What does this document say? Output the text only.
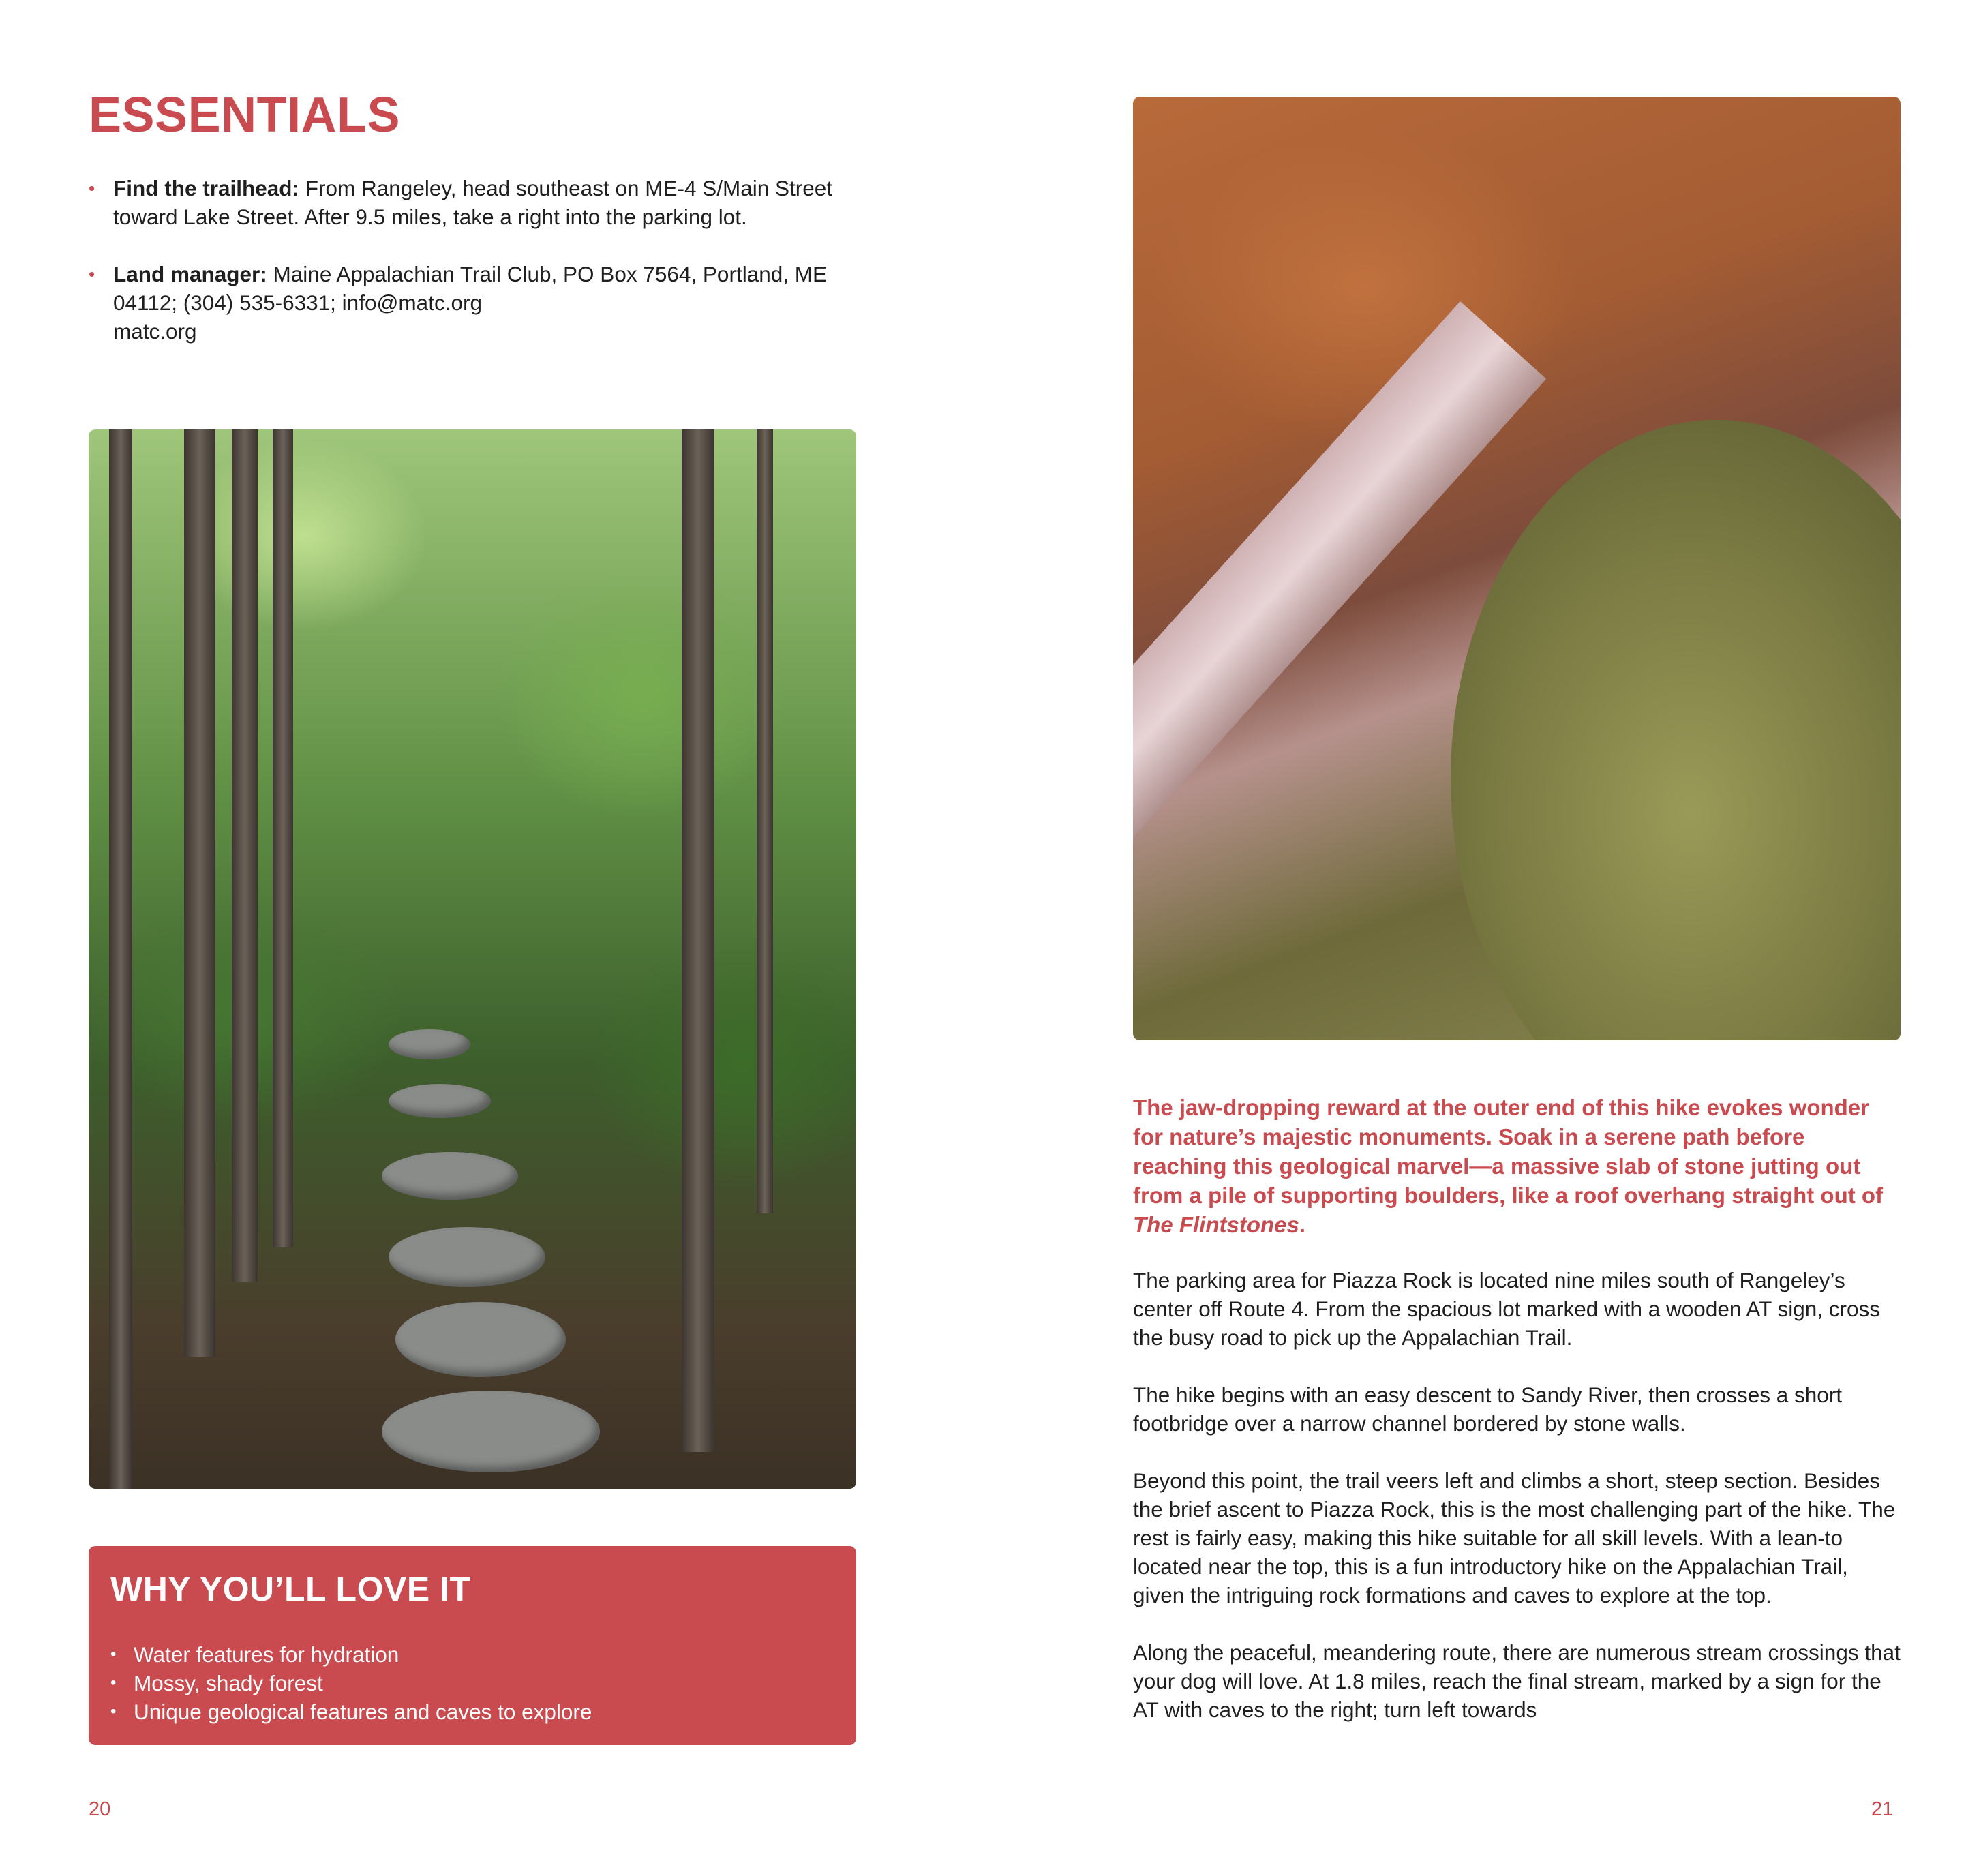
ESSENTIALS
• Find the trailhead: From Rangeley, head southeast on ME-4 S/Main Street toward Lake Street. After 9.5 miles, take a right into the parking lot.
• Land manager: Maine Appalachian Trail Club, PO Box 7564, Portland, ME 04112; (304) 535-6331; info@matc.org
matc.org
WHY YOU’LL LOVE IT
• Water features for hydration
• Mossy, shady forest
• Unique geological features and caves to explore
20

The jaw-dropping reward at the outer end of this hike evokes wonder for nature’s majestic monuments. Soak in a serene path before reaching this geological marvel—a massive slab of stone jutting out from a pile of supporting boulders, like a roof overhang straight out of The Flintstones.

The parking area for Piazza Rock is located nine miles south of Rangeley’s center off Route 4. From the spacious lot marked with a wooden AT sign, cross the busy road to pick up the Appalachian Trail.

The hike begins with an easy descent to Sandy River, then crosses a short footbridge over a narrow channel bordered by stone walls.

Beyond this point, the trail veers left and climbs a short, steep section. Besides the brief ascent to Piazza Rock, this is the most challenging part of the hike. The rest is fairly easy, making this hike suitable for all skill levels. With a lean-to located near the top, this is a fun introductory hike on the Appalachian Trail, given the intriguing rock formations and caves to explore at the top.

Along the peaceful, meandering route, there are numerous stream crossings that your dog will love. At 1.8 miles, reach the final stream, marked by a sign for the AT with caves to the right; turn left towards

21
